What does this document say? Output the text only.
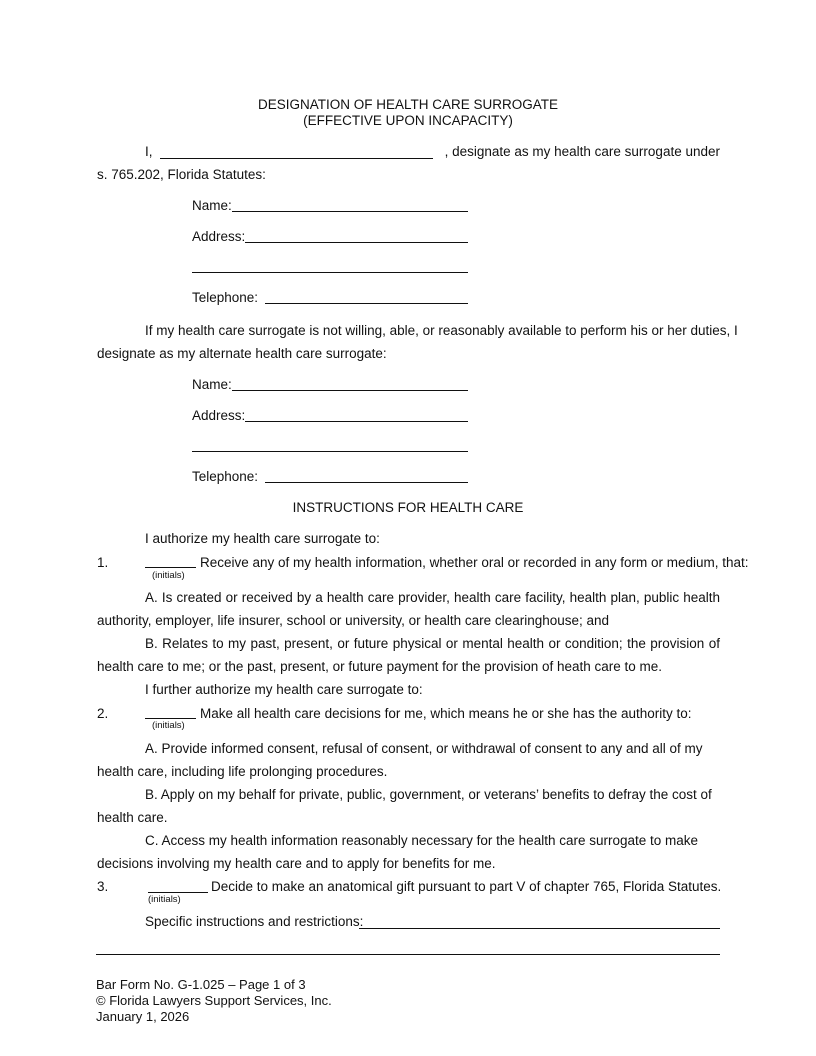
DESIGNATION OF HEALTH CARE SURROGATE
(EFFECTIVE UPON INCAPACITY)
I,	, designate as my health care surrogate under
s. 765.202, Florida Statutes:
Name:
Address:
Telephone:
If my health care surrogate is not willing, able, or reasonably available to perform his or her duties, I
designate as my alternate health care surrogate:
Name:
Address:
Telephone:
INSTRUCTIONS FOR HEALTH CARE
I authorize my health care surrogate to:
1.
(initials)
Receive any of my health information, whether oral or recorded in any form or medium, that:
A. Is created or received by a health care provider, health care facility, health plan, public health
authority, employer, life insurer, school or university, or health care clearinghouse; and
B. Relates to my past, present, or future physical or mental health or condition; the provision of
health care to me; or the past, present, or future payment for the provision of heath care to me.
I further authorize my health care surrogate to:
2.
(initials)
Make all health care decisions for me, which means he or she has the authority to:
A. Provide informed consent, refusal of consent, or withdrawal of consent to any and all of my
health care, including life prolonging procedures.
B. Apply on my behalf for private, public, government, or veterans’ benefits to defray the cost of
health care.
C. Access my health information reasonably necessary for the health care surrogate to make
decisions involving my health care and to apply for benefits for me.
3.
(initials)
Decide to make an anatomical gift pursuant to part V of chapter 765, Florida Statutes.
Specific instructions and restrictions:
Bar Form No. G-1.025 – Page 1 of 3
© Florida Lawyers Support Services, Inc.
January 1, 2026
